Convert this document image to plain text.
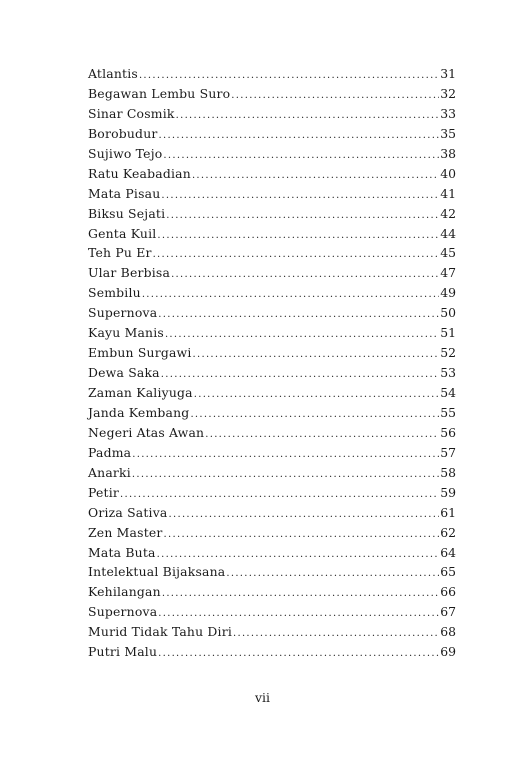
Atlantis .....	31
Begawan Lembu Suro .....	32
Sinar Cosmik .....	33
Borobudur .....	35
Sujiwo Tejo .....	38
Ratu Keabadian .....	40
Mata Pisau .....	41
Biksu Sejati .....	42
Genta Kuil .....	44
Teh Pu Er .....	45
Ular Berbisa .....	47
Sembilu .....	49
Supernova .....	50
Kayu Manis .....	51
Embun Surgawi .....	52
Dewa Saka .....	53
Zaman Kaliyuga .....	54
Janda Kembang .....	55
Negeri Atas Awan .....	56
Padma .....	57
Anarki .....	58
Petir .....	59
Oriza Sativa .....	61
Zen Master .....	62
Mata Buta .....	64
Intelektual Bijaksana .....	65
Kehilangan .....	66
Supernova .....	67
Murid Tidak Tahu Diri .....	68
Putri Malu .....	69
vii
